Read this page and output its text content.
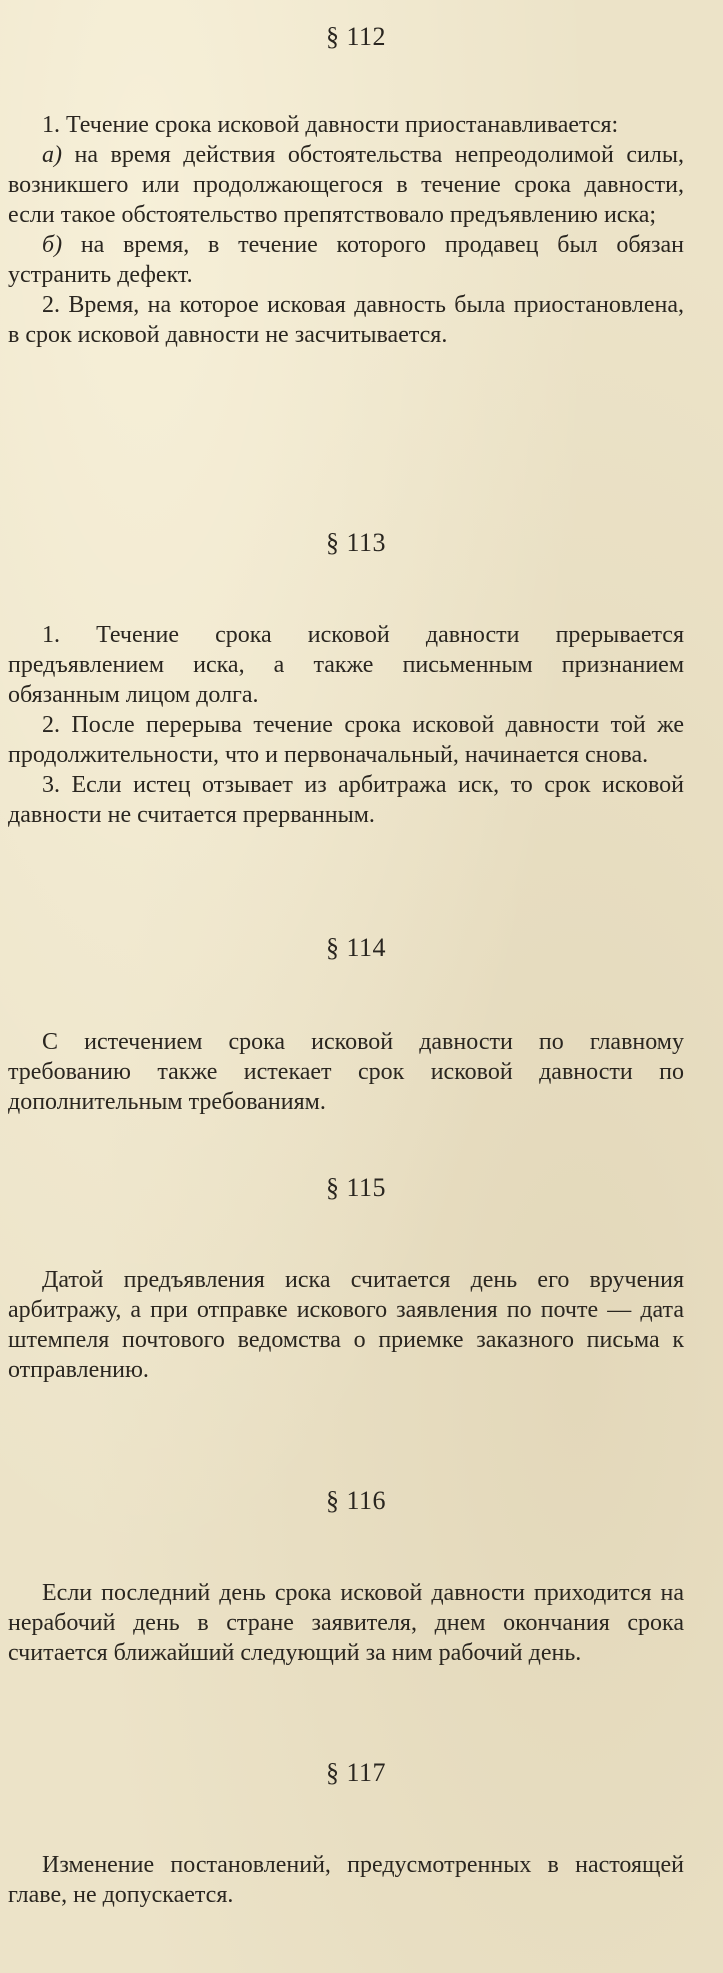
§ 112

1. Течение срока исковой давности приостанавливается:

а) на время действия обстоятельства непреодолимой силы, возникшего или продолжающегося в течение срока давности, если такое обстоятельство препятствовало предъявлению иска;

б) на время, в течение которого продавец был обязан устранить дефект.

2. Время, на которое исковая давность была приостановлена, в срок исковой давности не засчитывается.

§ 113

1. Течение срока исковой давности прерывается предъявлением иска, а также письменным признанием обязанным лицом долга.

2. После перерыва течение срока исковой давности той же продолжительности, что и первоначальный, начинается снова.

3. Если истец отзывает из арбитража иск, то срок исковой давности не считается прерванным.

§ 114

С истечением срока исковой давности по главному требованию также истекает срок исковой давности по дополнительным требованиям.

§ 115

Датой предъявления иска считается день его вручения арбитражу, а при отправке искового заявления по почте — дата штемпеля почтового ведомства о приемке заказного письма к отправлению.

§ 116

Если последний день срока исковой давности приходится на нерабочий день в стране заявителя, днем окончания срока считается ближайший следующий за ним рабочий день.

§ 117

Изменение постановлений, предусмотренных в настоящей главе, не допускается.
